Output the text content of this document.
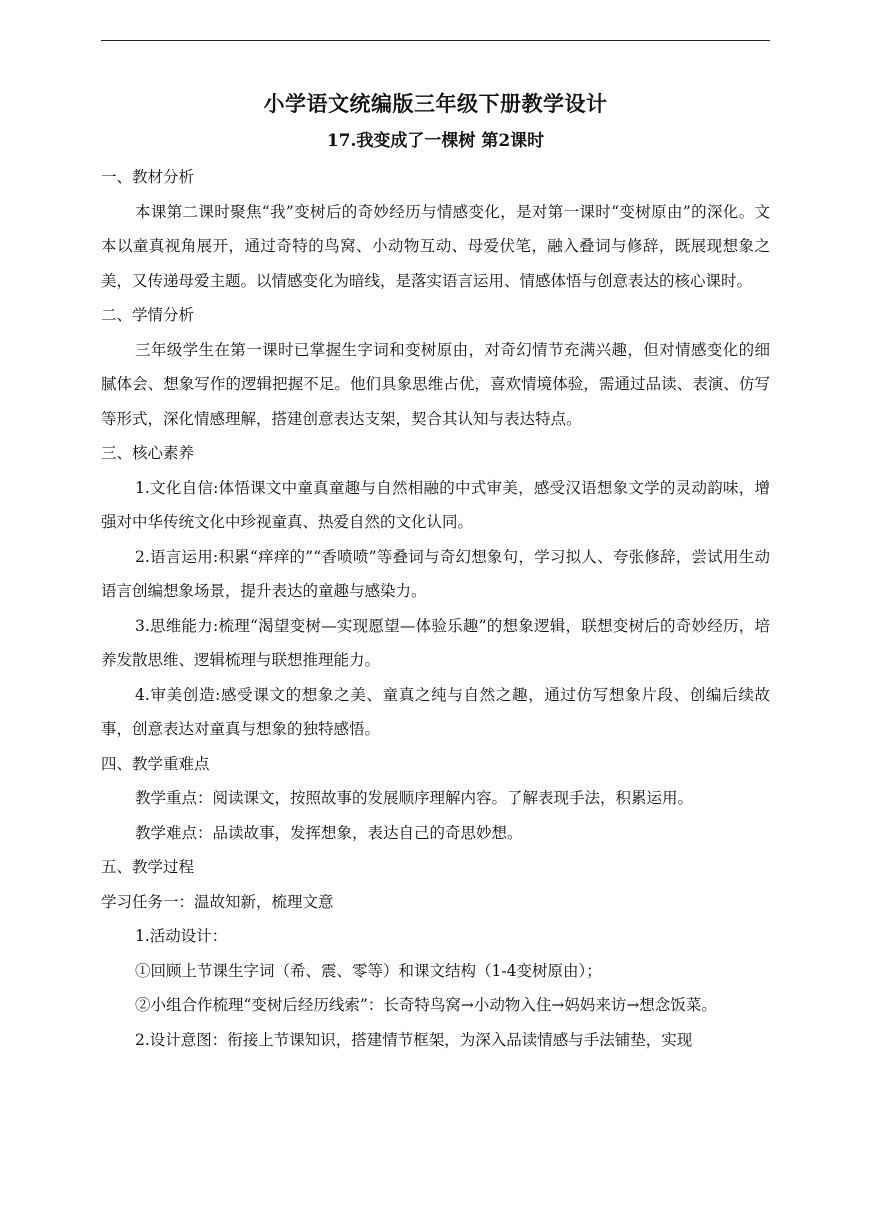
小学语文统编版三年级下册教学设计

17.我变成了一棵树 第2课时

一、教材分析

本课第二课时聚焦“我”变树后的奇妙经历与情感变化，是对第一课时“变树原由”的深化。文本以童真视角展开，通过奇特的鸟窝、小动物互动、母爱伏笔，融入叠词与修辞，既展现想象之美，又传递母爱主题。以情感变化为暗线，是落实语言运用、情感体悟与创意表达的核心课时。

二、学情分析

三年级学生在第一课时已掌握生字词和变树原由，对奇幻情节充满兴趣，但对情感变化的细腻体会、想象写作的逻辑把握不足。他们具象思维占优，喜欢情境体验，需通过品读、表演、仿写等形式，深化情感理解，搭建创意表达支架，契合其认知与表达特点。

三、核心素养

1.文化自信:体悟课文中童真童趣与自然相融的中式审美，感受汉语想象文学的灵动韵味，增强对中华传统文化中珍视童真、热爱自然的文化认同。

2.语言运用:积累“痒痒的”“香喷喷”等叠词与奇幻想象句，学习拟人、夸张修辞，尝试用生动语言创编想象场景，提升表达的童趣与感染力。

3.思维能力:梳理“渴望变树—实现愿望—体验乐趣”的想象逻辑，联想变树后的奇妙经历，培养发散思维、逻辑梳理与联想推理能力。

4.审美创造:感受课文的想象之美、童真之纯与自然之趣，通过仿写想象片段、创编后续故事，创意表达对童真与想象的独特感悟。

四、教学重难点

教学重点：阅读课文，按照故事的发展顺序理解内容。了解表现手法，积累运用。

教学难点：品读故事，发挥想象，表达自己的奇思妙想。

五、教学过程

学习任务一：温故知新，梳理文意

1.活动设计：

①回顾上节课生字词（希、震、零等）和课文结构（1-4变树原由）；

②小组合作梳理“变树后经历线索”：长奇特鸟窝→小动物入住→妈妈来访→想念饭菜。

2.设计意图：衔接上节课知识，搭建情节框架，为深入品读情感与手法铺垫，实现
